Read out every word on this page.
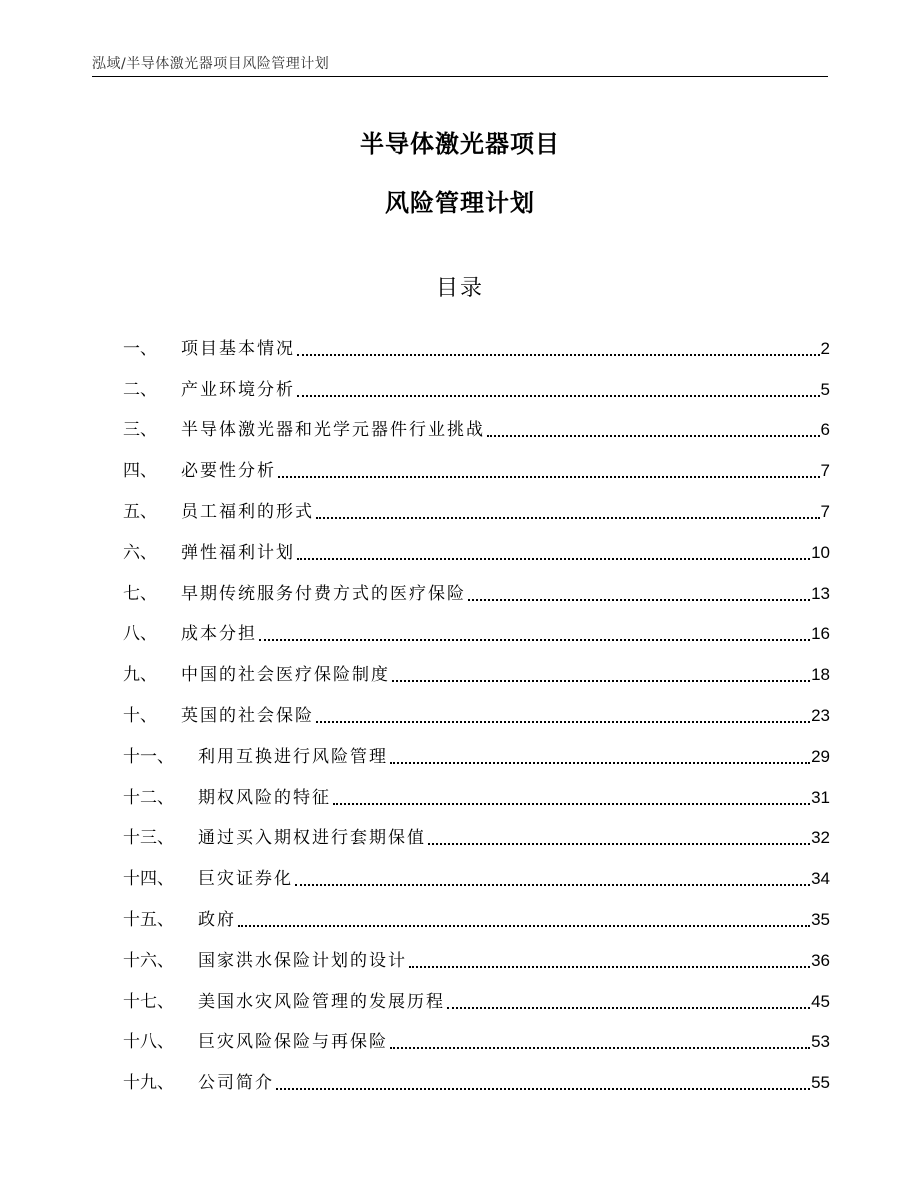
泓域/半导体激光器项目风险管理计划
半导体激光器项目
风险管理计划
目录
一、 项目基本情况	2
二、 产业环境分析	5
三、 半导体激光器和光学元器件行业挑战	6
四、 必要性分析	7
五、 员工福利的形式	7
六、 弹性福利计划	10
七、 早期传统服务付费方式的医疗保险	13
八、 成本分担	16
九、 中国的社会医疗保险制度	18
十、 英国的社会保险	23
十一、 利用互换进行风险管理	29
十二、 期权风险的特征	31
十三、 通过买入期权进行套期保值	32
十四、 巨灾证券化	34
十五、 政府	35
十六、 国家洪水保险计划的设计	36
十七、 美国水灾风险管理的发展历程	45
十八、 巨灾风险保险与再保险	53
十九、 公司简介	55
